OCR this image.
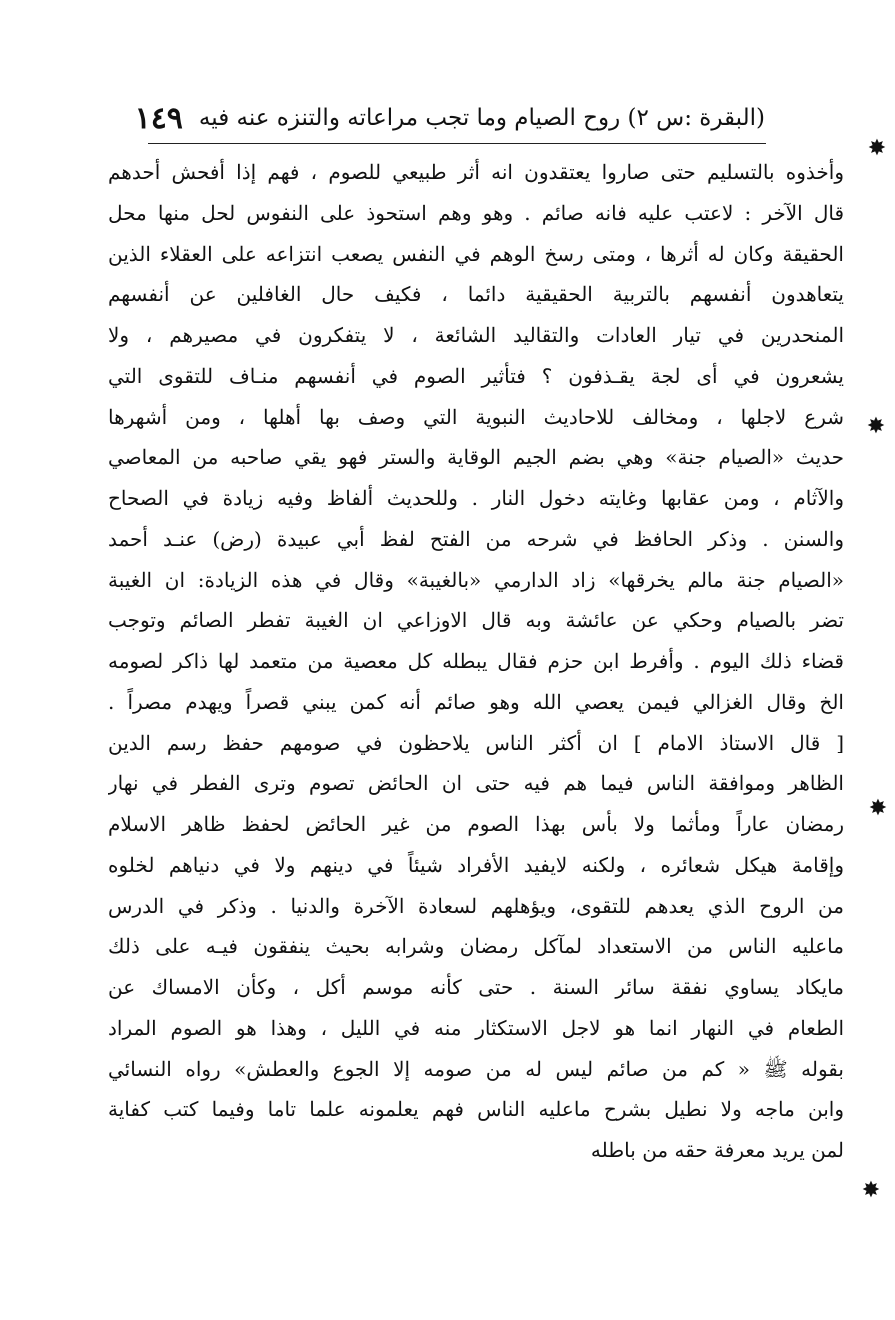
(البقرة :س ٢) روح الصيام وما تجب مراعاته والتنزه عنه فيه
١٤٩
وأخذوه بالتسليم حتى صاروا يعتقدون انه أثر طبيعي للصوم ، فهم إذا أفحش أحدهم
قال الآخر : لاعتب عليه فانه صائم . وهو وهم استحوذ على النفوس لحل منها محل
الحقيقة وكان له أثرها ، ومتى رسخ الوهم في النفس يصعب انتزاعه على العقلاء الذين
يتعاهدون أنفسهم بالتربية الحقيقية دائما ، فكيف حال الغافلين عن أنفسهم
المنحدرين في تيار العادات والتقاليد الشائعة ، لا يتفكرون في مصيرهم ، ولا
يشعرون في أى لجة يقـذفون ؟ فتأثير الصوم في أنفسهم منـاف للتقوى التي
شرع لاجلها ، ومخالف للاحاديث النبوية التي وصف بها أهلها ، ومن أشهرها
حديث «الصيام جنة» وهي بضم الجيم الوقاية والستر فهو يقي صاحبه من المعاصي
والآثام ، ومن عقابها وغايته دخول النار . وللحديث ألفاظ وفيه زيادة في الصحاح
والسنن . وذكر الحافظ في شرحه من الفتح لفظ أبي عبيدة (رض) عنـد أحمد
«الصيام جنة مالم يخرقها» زاد الدارمي «بالغيبة» وقال في هذه الزيادة: ان الغيبة
تضر بالصيام وحكي عن عائشة وبه قال الاوزاعي ان الغيبة تفطر الصائم وتوجب
قضاء ذلك اليوم . وأفرط ابن حزم فقال يبطله كل معصية من متعمد لها ذاكر لصومه
الخ وقال الغزالي فيمن يعصي الله وهو صائم أنه كمن يبني قصراً ويهدم مصراً .
[ قال الاستاذ الامام ] ان أكثر الناس يلاحظون في صومهم حفظ رسم الدين
الظاهر وموافقة الناس فيما هم فيه حتى ان الحائض تصوم وترى الفطر في نهار
رمضان عاراً ومأثما ولا بأس بهذا الصوم من غير الحائض لحفظ ظاهر الاسلام
وإقامة هيكل شعائره ، ولكنه لايفيد الأفراد شيئاً في دينهم ولا في دنياهم لخلوه
من الروح الذي يعدهم للتقوى، ويؤهلهم لسعادة الآخرة والدنيا . وذكر في الدرس
ماعليه الناس من الاستعداد لمآكل رمضان وشرابه بحيث ينفقون فيـه على ذلك
مايكاد يساوي نفقة سائر السنة . حتى كأنه موسم أكل ، وكأن الامساك عن
الطعام في النهار انما هو لاجل الاستكثار منه في الليل ، وهذا هو الصوم المراد
بقوله ﷺ « كم من صائم ليس له من صومه إلا الجوع والعطش» رواه النسائي
وابن ماجه ولا نطيل بشرح ماعليه الناس فهم يعلمونه علما تاما وفيما كتب كفاية
لمن يريد معرفة حقه من باطله
✸
✸
✸
✸
